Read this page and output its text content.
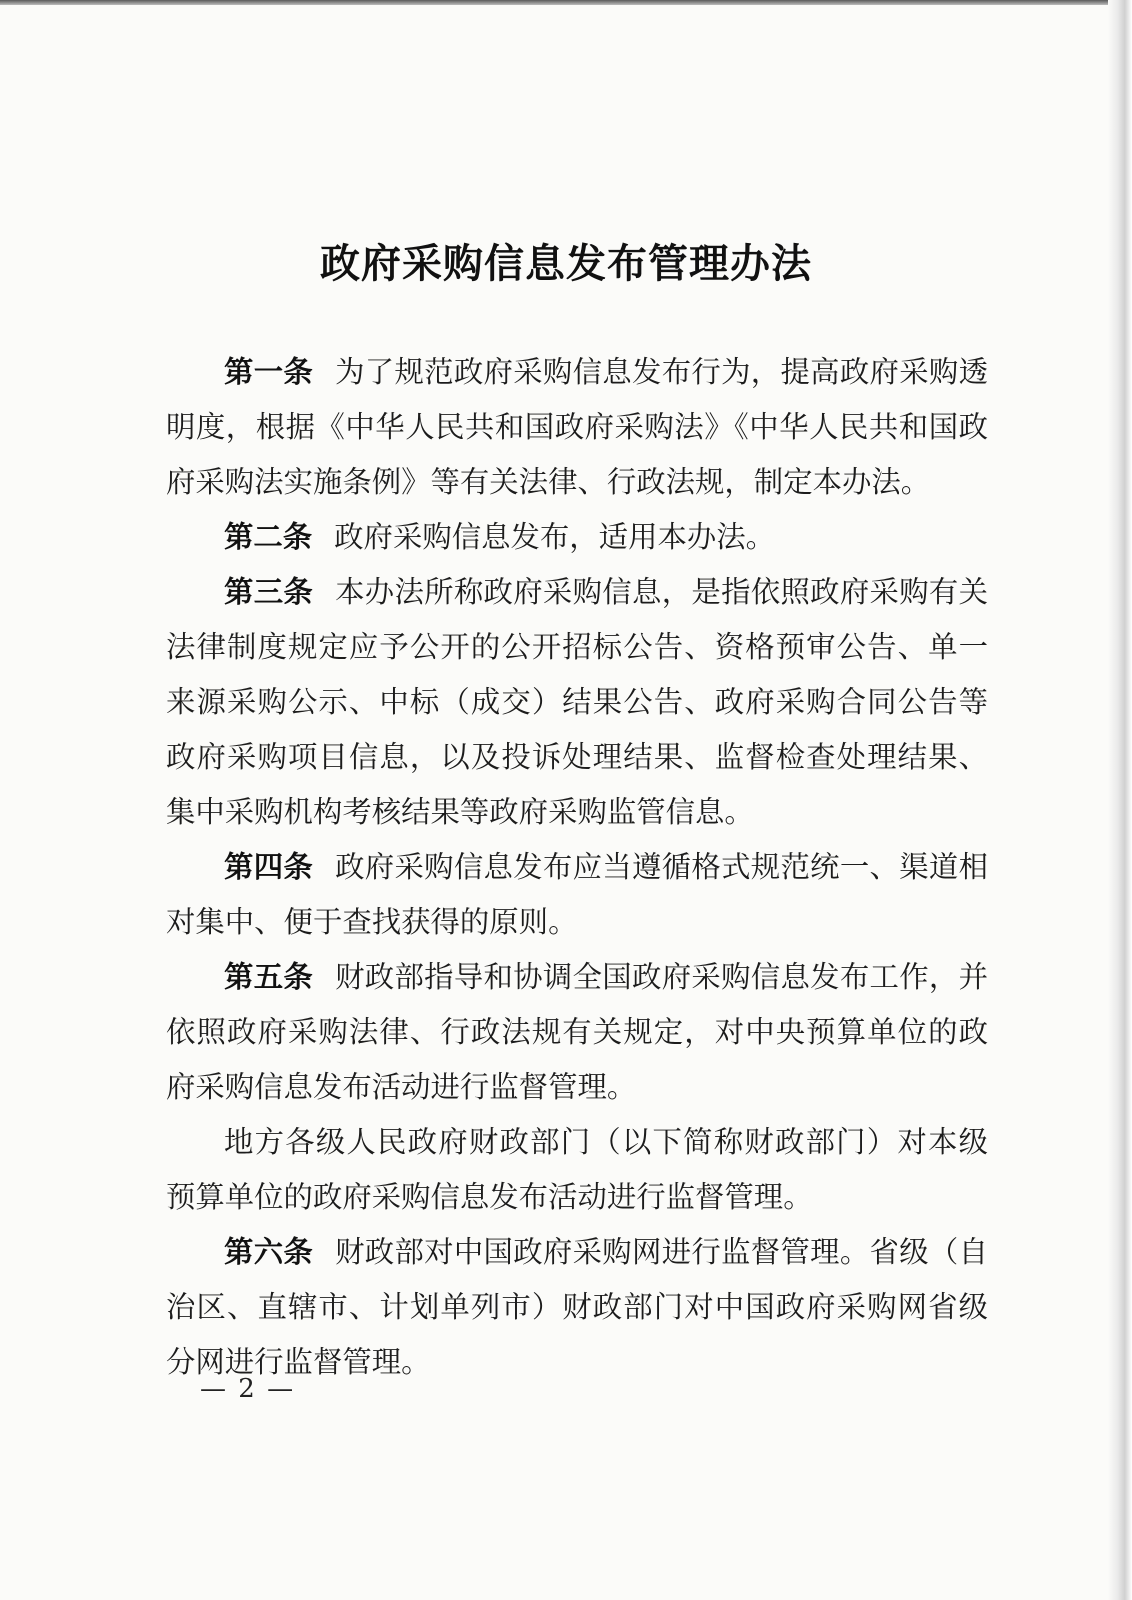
政府采购信息发布管理办法

第一条 为了规范政府采购信息发布行为，提高政府采购透明度，根据《中华人民共和国政府采购法》《中华人民共和国政府采购法实施条例》等有关法律、行政法规，制定本办法。

第二条 政府采购信息发布，适用本办法。

第三条 本办法所称政府采购信息，是指依照政府采购有关法律制度规定应予公开的公开招标公告、资格预审公告、单一来源采购公示、中标（成交）结果公告、政府采购合同公告等政府采购项目信息，以及投诉处理结果、监督检查处理结果、集中采购机构考核结果等政府采购监管信息。

第四条 政府采购信息发布应当遵循格式规范统一、渠道相对集中、便于查找获得的原则。

第五条 财政部指导和协调全国政府采购信息发布工作，并依照政府采购法律、行政法规有关规定，对中央预算单位的政府采购信息发布活动进行监督管理。

地方各级人民政府财政部门（以下简称财政部门）对本级预算单位的政府采购信息发布活动进行监督管理。

第六条 财政部对中国政府采购网进行监督管理。省级（自治区、直辖市、计划单列市）财政部门对中国政府采购网省级分网进行监督管理。

— 2 —
